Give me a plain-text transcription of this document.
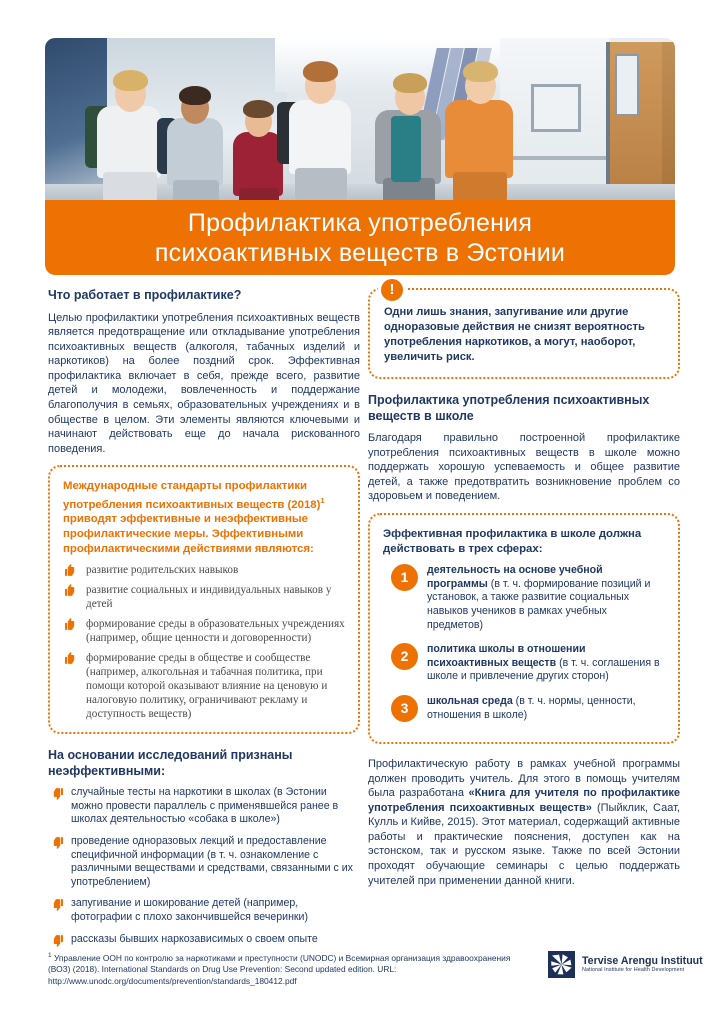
Профилактика употребления
психоактивных веществ в Эстонии
Что работает в профилактике?

Целью профилактики употребления психоактивных веществ является предотвращение или откладывание употребления психоактивных веществ (алкоголя, табачных изделий и наркотиков) на более поздний срок. Эффективная профилактика включает в себя, прежде всего, развитие детей и молодежи, вовлеченность и поддержание благополучия в семьях, образовательных учреждениях и в обществе в целом. Эти элементы являются ключевыми и начинают действовать еще до начала рискованного поведения.

Международные стандарты профилактики употребления психоактивных веществ $(2018)^1$ приводят эффективные и неэффективные профилактические меры. Эффективными профилактическими действиями являются:

развитие родительских навыков
развитие социальных и индивидуальных навыков у детей
формирование среды в образовательных учреждениях (например, общие ценности и договоренности)
формирование среды в обществе и сообществе (например, алкогольная и табачная политика, при помощи которой оказывают влияние на ценовую и налоговую политику, ограничивают рекламу и доступность веществ)
На основании исследований признаны неэффективными:
случайные тесты на наркотики в школах (в Эстонии можно провести параллель с применявшейся ранее в школах деятельностью «собака в школе»)
проведение одноразовых лекций и предоставление специфичной информации (в т. ч. ознакомление с различными веществами и средствами, связанными с их употреблением)
запугивание и шокирование детей (например, фотографии с плохо закончившейся вечеринки)
рассказы бывших наркозависимых о своем опыте
!

Одни лишь знания, запугивание или другие одноразовые действия не снизят вероятность употребления наркотиков, а могут, наоборот, увеличить риск.

Профилактика употребления психоактивных веществ в школе

Благодаря правильно построенной профилактике употребления психоактивных веществ в школе можно поддержать хорошую успеваемость и общее развитие детей, а также предотвратить возникновение проблем со здоровьем и поведением.

Эффективная профилактика в школе должна действовать в трех сферах:

1	деятельность на основе учебной программы (в т. ч. формирование позиций и установок, а также развитие социальных навыков учеников в рамках учебных предметов)
2	политика школы в отношении психоактивных веществ (в т. ч. соглашения в школе и привлечение других сторон)
3	школьная среда (в т. ч. нормы, ценности, отношения в школе)

Профилактическую работу в рамках учебной программы должен проводить учитель. Для этого в помощь учителям была разработана «Книга для учителя по профилактике употребления психоактивных веществ» (Пыйклик, Саат, Кулль и Кийве, 2015). Этот материал, содержащий активные работы и практические пояснения, доступен как на эстонском, так и русском языке. Также по всей Эстонии проходят обучающие семинары с целью поддержать учителей при применении данной книги.

$^1$ Управление ООН по контролю за наркотиками и преступности (UNODC) и Всемирная организация здравоохранения (ВОЗ) (2018). International Standards on Drug Use Prevention: Second updated edition. URL: http://www.unodc.org/documents/prevention/standards_180412.pdf
Tervise Arengu Instituut
National Institute for Health Development
